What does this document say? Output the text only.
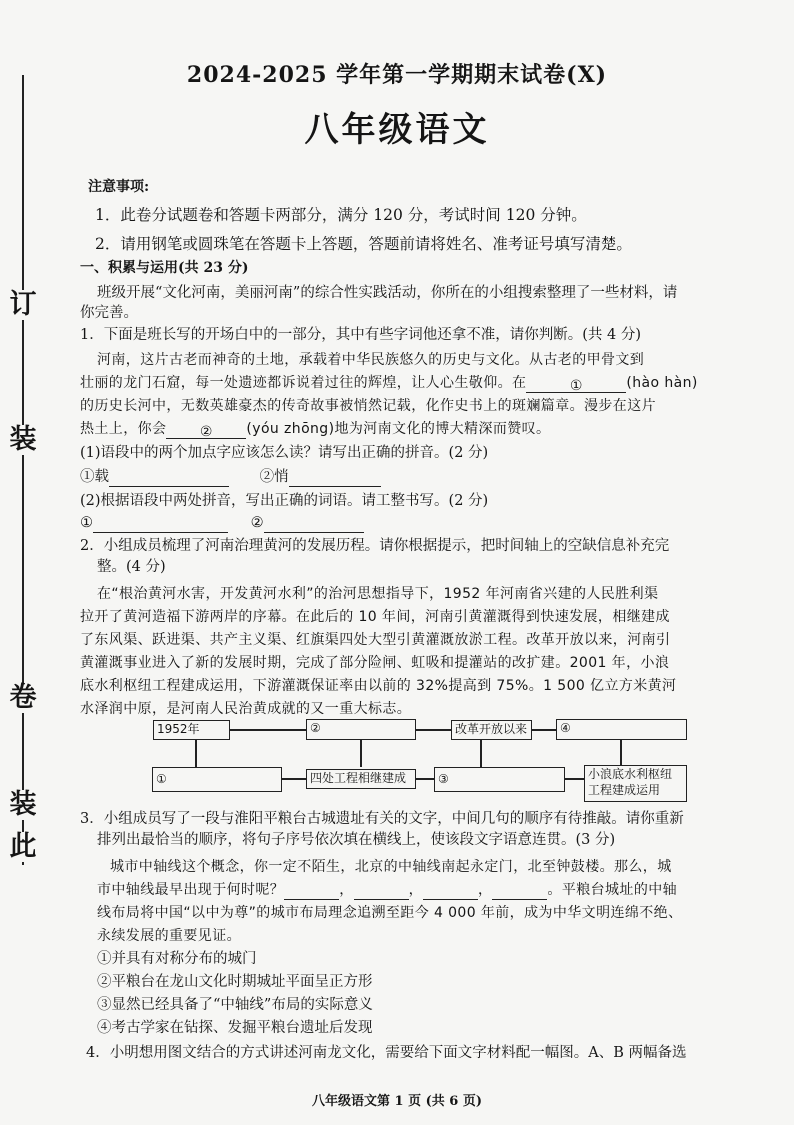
订
装
卷
装
此
2024-2025 学年第一学期期末试卷(X)
八年级语文
注意事项:
1．此卷分试题卷和答题卡两部分，满分 120 分，考试时间 120 分钟。
2．请用钢笔或圆珠笔在答题卡上答题，答题前请将姓名、准考证号填写清楚。
一、积累与运用(共 23 分)
班级开展“文化河南，美丽河南”的综合性实践活动，你所在的小组搜索整理了一些材料，请
你完善。
1．下面是班长写的开场白中的一部分，其中有些字词他还拿不准，请你判断。(共 4 分)
河南，这片古老而神奇的土地，承载着中华民族悠久的历史与文化。从古老的甲骨文到
壮丽的龙门石窟，每一处遗迹都诉说着过往的辉煌，让人心生敬仰。在	①	(hào hàn)
的历史长河中，无数英雄豪杰的传奇故事被悄然记载，化作史书上的斑斓篇章。漫步在这片
热土上，你会 ② (yóu zhōng)地为河南文化的博大精深而赞叹。
(1)语段中的两个加点字应该怎么读？请写出正确的拼音。(2 分)
①载	②悄
(2)根据语段中两处拼音，写出正确的词语。请工整书写。(2 分)
①	②
2．小组成员梳理了河南治理黄河的发展历程。请你根据提示，把时间轴上的空缺信息补充完
整。(4 分)
在“根治黄河水害，开发黄河水利”的治河思想指导下，1952 年河南省兴建的人民胜利渠
拉开了黄河造福下游两岸的序幕。在此后的 10 年间，河南引黄灌溉得到快速发展，相继建成
了东风渠、跃进渠、共产主义渠、红旗渠四处大型引黄灌溉放淤工程。改革开放以来，河南引
黄灌溉事业进入了新的发展时期，完成了部分险闸、虹吸和提灌站的改扩建。2001 年，小浪
底水利枢纽工程建成运用，下游灌溉保证率由以前的 32%提高到 75%。1 500 亿立方米黄河
水泽润中原，是河南人民治黄成就的又一重大标志。
1952年	②	改革开放以来	④
①	四处工程相继建成	③	小浪底水利枢纽
工程建成运用
3．小组成员写了一段与淮阳平粮台古城遗址有关的文字，中间几句的顺序有待推敲。请你重新
排列出最恰当的顺序，将句子序号依次填在横线上，使该段文字语意连贯。(3 分)
城市中轴线这个概念，你一定不陌生，北京的中轴线南起永定门，北至钟鼓楼。那么，城
市中轴线最早出现于何时呢？	，	，	，	。平粮台城址的中轴
线布局将中国“以中为尊”的城市布局理念追溯至距今 4 000 年前，成为中华文明连绵不绝、
永续发展的重要见证。
①并具有对称分布的城门
②平粮台在龙山文化时期城址平面呈正方形
③显然已经具备了“中轴线”布局的实际意义
④考古学家在钻探、发掘平粮台遗址后发现
4．小明想用图文结合的方式讲述河南龙文化，需要给下面文字材料配一幅图。A、B 两幅备选
八年级语文第 1 页 (共 6 页)
